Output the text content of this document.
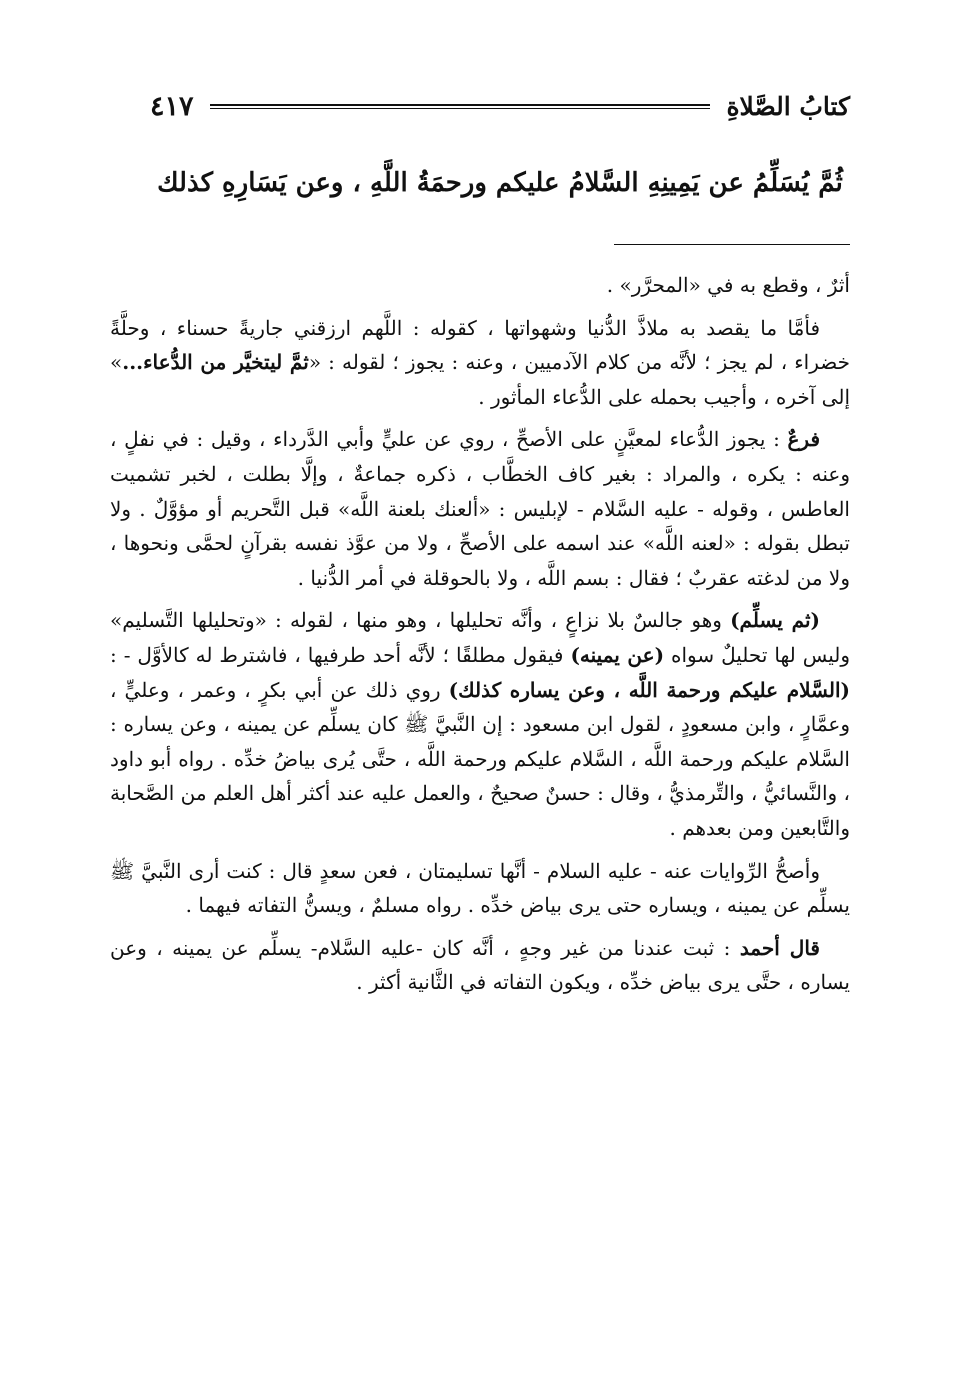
كتابُ الصَّلاةِ
٤١٧
ثُمَّ يُسَلِّمُ عن يَمِينِهِ السَّلامُ عليكم ورحمَةُ اللَّهِ ، وعن يَسَارِهِ كذلك

أثرٌ ، وقطع به في «المحرَّر» .

فأمَّا ما يقصد به ملاذَّ الدُّنيا وشهواتها ، كقوله : اللَّهم ارزقني جاريةً حسناء ، وحلَّةً خضراء ، لم يجز ؛ لأنَّه من كلام الآدميين ، وعنه : يجوز ؛ لقوله : «ثمَّ ليتخيَّر من الدُّعاء...» إلى آخره ، وأجيب بحمله على الدُّعاء المأثور .

فرعٌ : يجوز الدُّعاء لمعيَّنٍ على الأصحِّ ، روي عن عليٍّ وأبي الدَّرداء ، وقيل : في نفلٍ ، وعنه : يكره ، والمراد : بغير كاف الخطَّاب ، ذكره جماعةٌ ، وإلَّا بطلت ، لخبر تشميت العاطس ، وقوله - عليه السَّلام - لإبليس : «ألعنك بلعنة اللَّه» قبل التَّحريم أو مؤوَّلٌ . ولا تبطل بقوله : «لعنه اللَّه» عند اسمه على الأصحِّ ، ولا من عوَّذ نفسه بقرآنٍ لحمَّى ونحوها ، ولا من لدغته عقربٌ ؛ فقال : بسم اللَّه ، ولا بالحوقلة في أمر الدُّنيا .

(ثم يسلِّم) وهو جالسٌ بلا نزاعٍ ، وأنَّه تحليلها ، وهو منها ، لقوله : «وتحليلها التَّسليم» وليس لها تحليلٌ سواه (عن يمينه) فيقول مطلقًا ؛ لأنَّه أحد طرفيها ، فاشترط له كالأوَّل - : (السَّلام عليكم ورحمة اللَّه ، وعن يساره كذلك) روي ذلك عن أبي بكرٍ ، وعمر ، وعليٍّ ، وعمَّارٍ ، وابن مسعودٍ ، لقول ابن مسعود : إن النَّبيَّ ﷺ كان يسلِّم عن يمينه ، وعن يساره : السَّلام عليكم ورحمة اللَّه ، السَّلام عليكم ورحمة اللَّه ، حتَّى يُرى بياضُ خدِّه . رواه أبو داود ، والنَّسائيُّ ، والتِّرمذيُّ ، وقال : حسنٌ صحيحٌ ، والعمل عليه عند أكثر أهل العلم من الصَّحابة والتَّابعين ومن بعدهم .

وأصحُّ الرِّوايات عنه - عليه السلام - أنَّها تسليمتان ، فعن سعدٍ قال : كنت أرى النَّبيَّ ﷺ يسلِّم عن يمينه ، ويساره حتى يرى بياض خدِّه . رواه مسلمٌ ، ويسنُّ التفاته فيهما .

قال أحمد : ثبت عندنا من غير وجهٍ ، أنَّه كان -عليه السَّلام- يسلِّم عن يمينه ، وعن يساره ، حتَّى يرى بياض خدِّه ، ويكون التفاته في الثَّانية أكثر .
